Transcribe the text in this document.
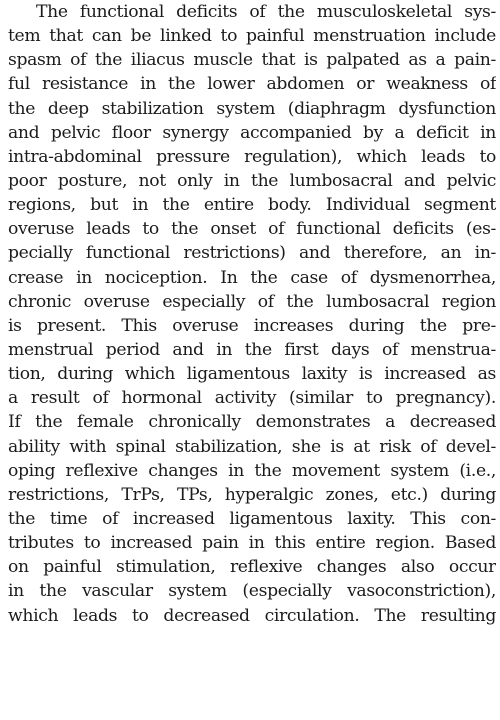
The functional deficits of the musculoskeletal sys-
tem that can be linked to painful menstruation include
spasm of the iliacus muscle that is palpated as a pain-
ful resistance in the lower abdomen or weakness of
the deep stabilization system (diaphragm dysfunction
and pelvic floor synergy accompanied by a deficit in
intra-abdominal pressure regulation), which leads to
poor posture, not only in the lumbosacral and pelvic
regions, but in the entire body. Individual segment
overuse leads to the onset of functional deficits (es-
pecially functional restrictions) and therefore, an in-
crease in nociception. In the case of dysmenorrhea,
chronic overuse especially of the lumbosacral region
is present. This overuse increases during the pre-
menstrual period and in the first days of menstrua-
tion, during which ligamentous laxity is increased as
a result of hormonal activity (similar to pregnancy).
If the female chronically demonstrates a decreased
ability with spinal stabilization, she is at risk of devel-
oping reflexive changes in the movement system (i.e.,
restrictions, TrPs, TPs, hyperalgic zones, etc.) during
the time of increased ligamentous laxity. This con-
tributes to increased pain in this entire region. Based
on painful stimulation, reflexive changes also occur
in the vascular system (especially vasoconstriction),
which leads to decreased circulation. The resulting
